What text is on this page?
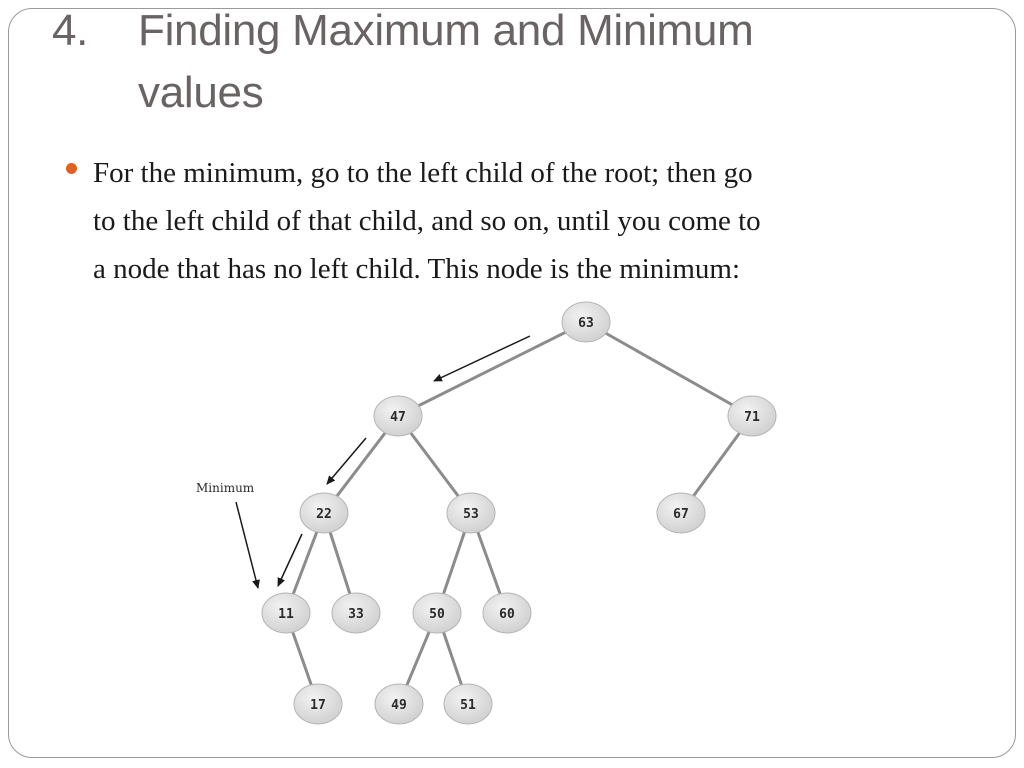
4. Finding Maximum and Minimum
values
For the minimum, go to the left child of the root; then go
to the left child of that child, and so on, until you come to
a node that has no left child. This node is the minimum:
Minimum
63
47	71
22	53	67
11	33	50	60
17	49	51
